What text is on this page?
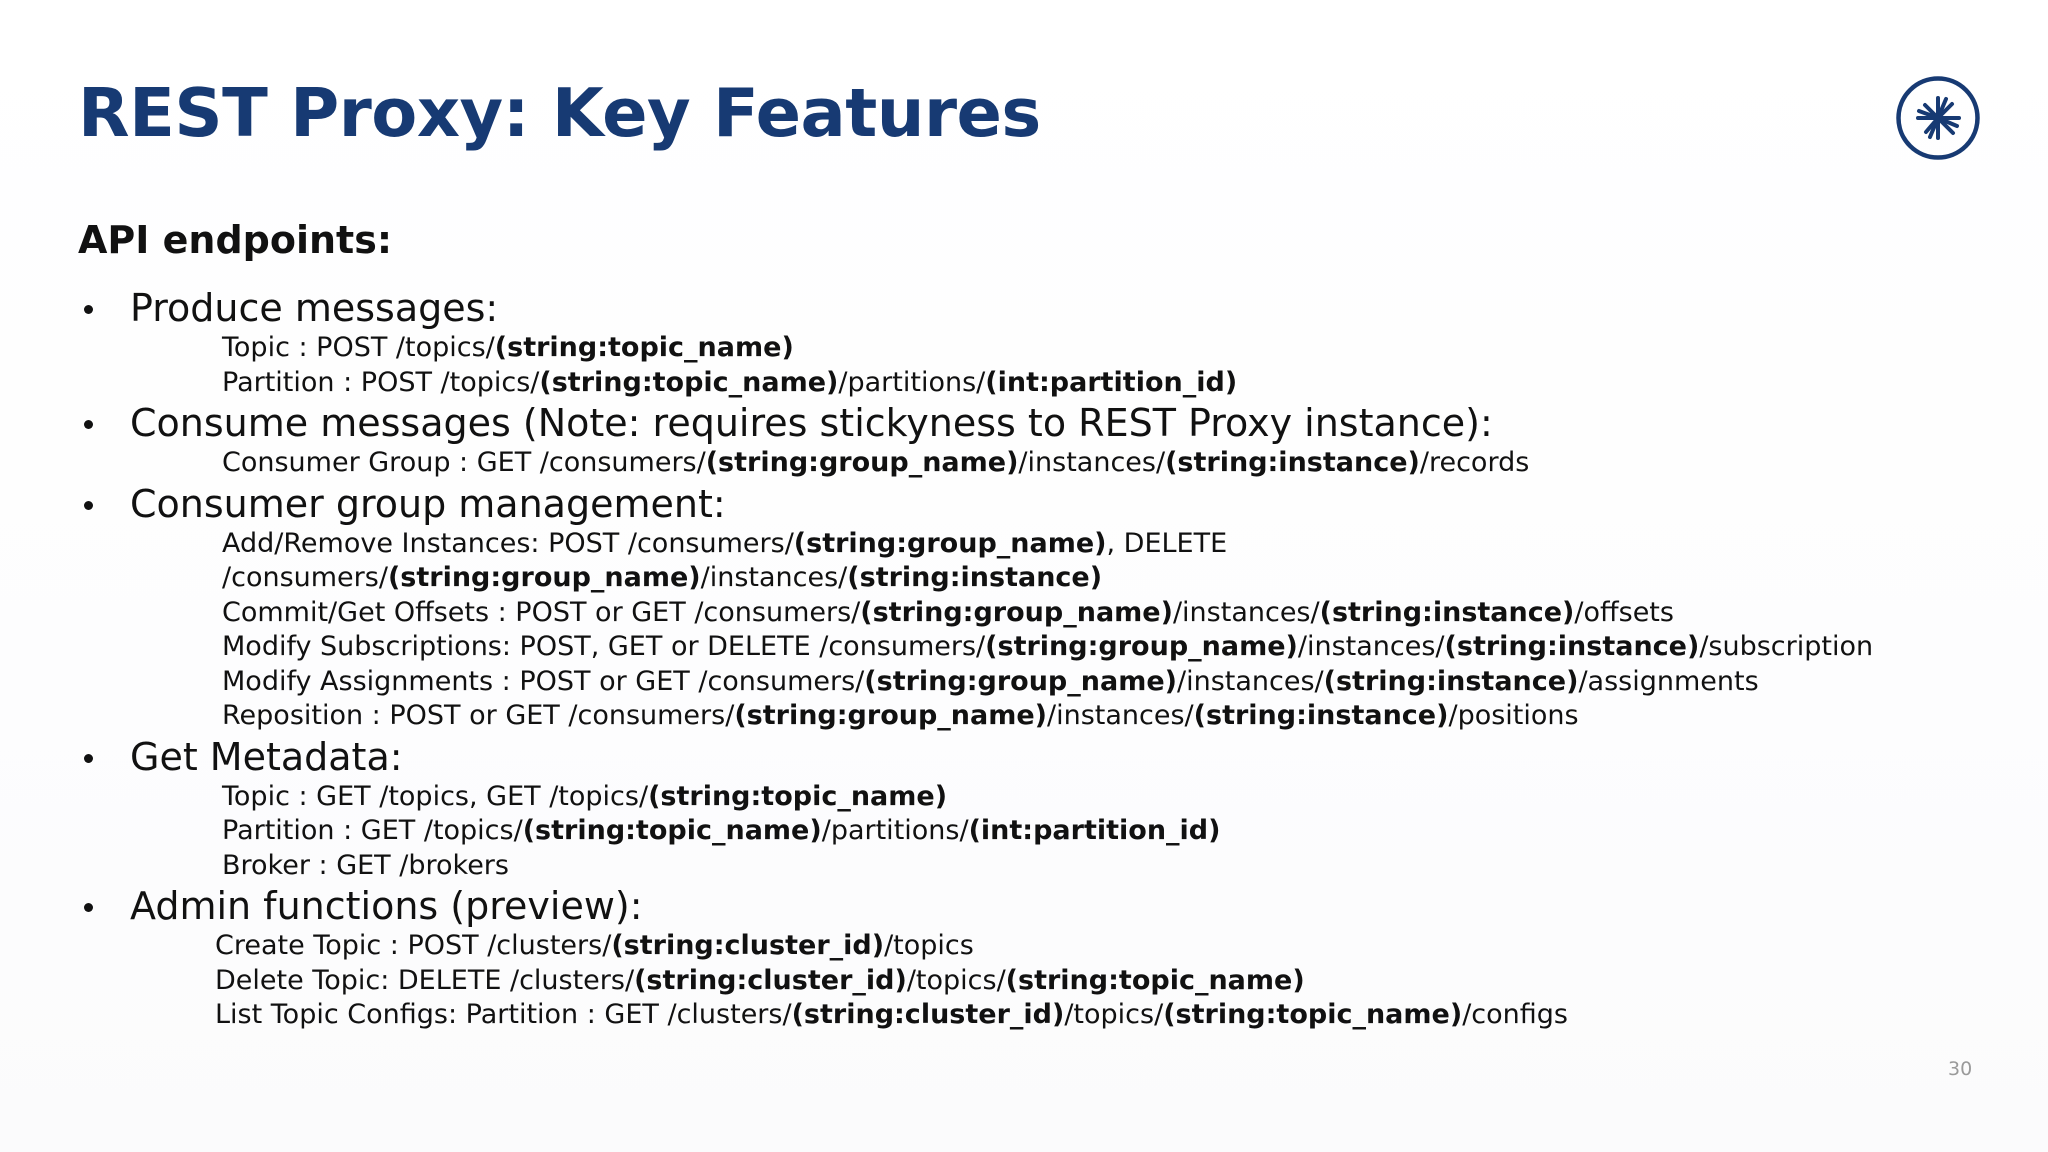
REST Proxy: Key Features
API endpoints:
Produce messages:
Topic : POST /topics/(string:topic_name)
Partition : POST /topics/(string:topic_name)/partitions/(int:partition_id)
Consume messages (Note: requires stickyness to REST Proxy instance):
Consumer Group : GET /consumers/(string:group_name)/instances/(string:instance)/records
Consumer group management:
Add/Remove Instances: POST /consumers/(string:group_name), DELETE
/consumers/(string:group_name)/instances/(string:instance)
Commit/Get Offsets : POST or GET /consumers/(string:group_name)/instances/(string:instance)/offsets
Modify Subscriptions: POST, GET or DELETE /consumers/(string:group_name)/instances/(string:instance)/subscription
Modify Assignments : POST or GET /consumers/(string:group_name)/instances/(string:instance)/assignments
Reposition : POST or GET /consumers/(string:group_name)/instances/(string:instance)/positions
Get Metadata:
Topic : GET /topics, GET /topics/(string:topic_name)
Partition : GET /topics/(string:topic_name)/partitions/(int:partition_id)
Broker : GET /brokers
Admin functions (preview):
Create Topic : POST /clusters/(string:cluster_id)/topics
Delete Topic: DELETE /clusters/(string:cluster_id)/topics/(string:topic_name)
List Topic Configs: Partition : GET /clusters/(string:cluster_id)/topics/(string:topic_name)/configs
30
